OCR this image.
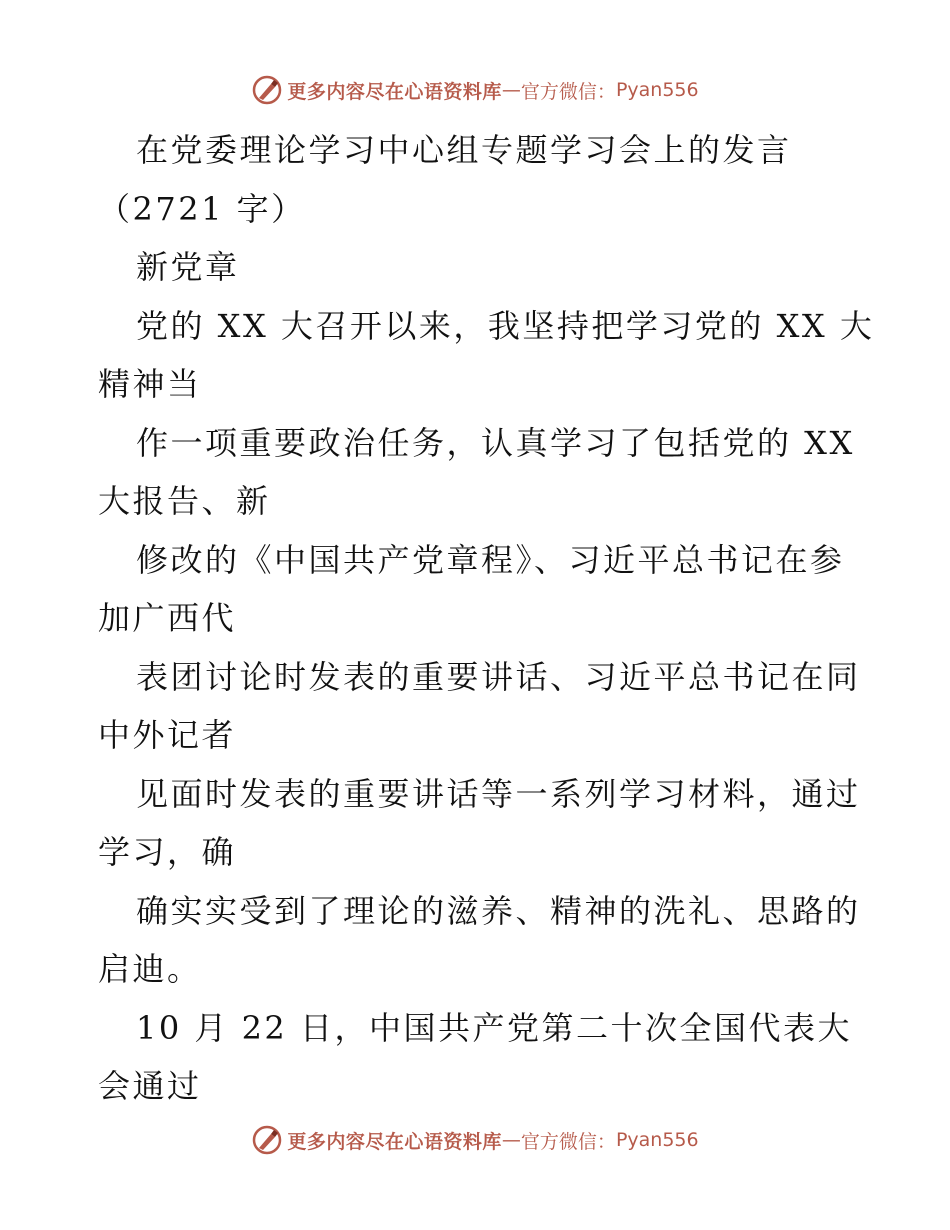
更多内容尽在心语资料库 — 官方微信： Pyan556
在党委理论学习中心组专题学习会上的发言
（2721 字）
新党章
党的 XX 大召开以来，我坚持把学习党的 XX 大
精神当
作一项重要政治任务，认真学习了包括党的 XX
大报告、新
修改的《中国共产党章程》、习近平总书记在参
加广西代
表团讨论时发表的重要讲话、习近平总书记在同
中外记者
见面时发表的重要讲话等一系列学习材料，通过
学习，确
确实实受到了理论的滋养、精神的洗礼、思路的
启迪。
10 月 22 日，中国共产党第二十次全国代表大
会通过
更多内容尽在心语资料库 — 官方微信： Pyan556
